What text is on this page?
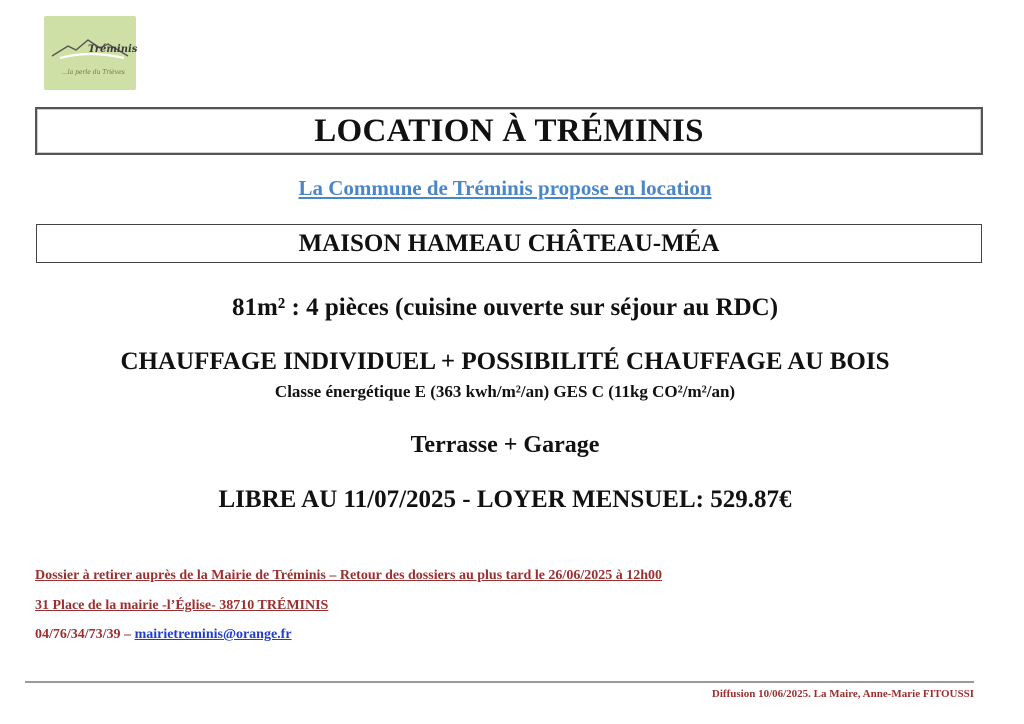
Tréminis
...la perle du Trièves
LOCATION À TRÉMINIS
La Commune de Tréminis propose en location
MAISON HAMEAU CHÂTEAU-MÉA
81m² : 4 pièces (cuisine ouverte sur séjour au RDC)
CHAUFFAGE INDIVIDUEL + POSSIBILITÉ CHAUFFAGE AU BOIS
Classe énergétique E (363 kwh/m²/an) GES C (11kg CO²/m²/an)
Terrasse + Garage
LIBRE AU 11/07/2025 - LOYER MENSUEL: 529.87€
Dossier à retirer auprès de la Mairie de Tréminis – Retour des dossiers au plus tard le 26/06/2025 à 12h00
31 Place de la mairie -l’Église- 38710 TRÉMINIS
04/76/34/73/39 – mairietreminis@orange.fr
Diffusion 10/06/2025. La Maire, Anne-Marie FITOUSSI
